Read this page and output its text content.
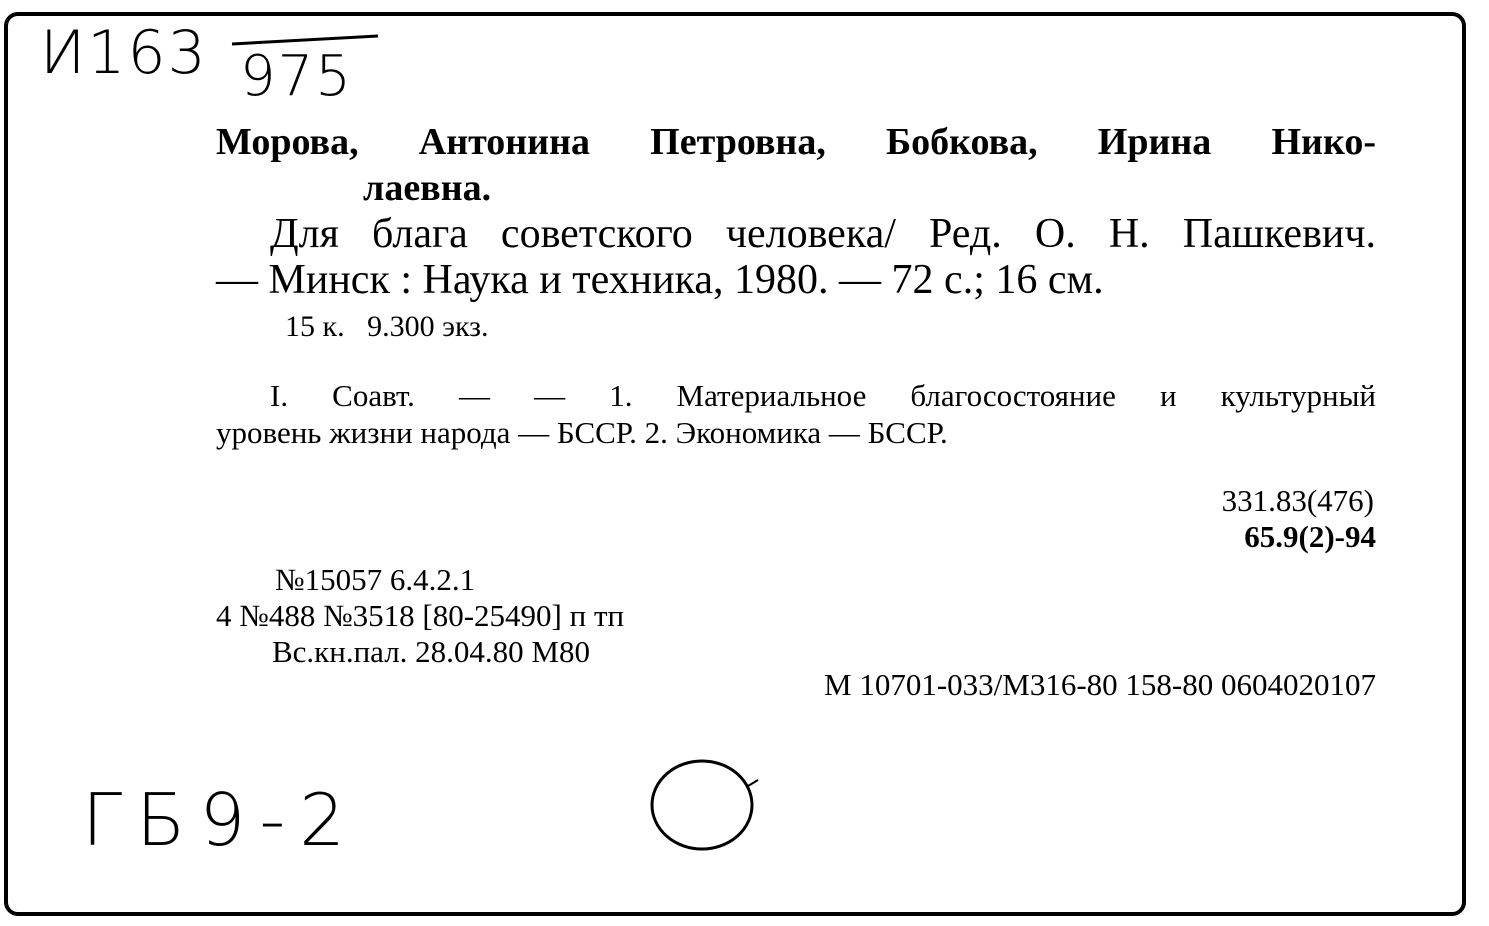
И163 975
Морова, Антонина Петровна, Бобкова, Ирина Нико-
лаевна.
Для блага советского человека/ Ред. О. Н. Пашкевич.
— Минск : Наука и техника, 1980. — 72 с.; 16 см.
15 к.   9.300 экз.
I. Соавт. — — 1. Материальное благосостояние и культурный
уровень жизни народа — БССР. 2. Экономика — БССР.
331.83(476)
65.9(2)-94
№15057 6.4.2.1
4 №488 №3518 [80-25490] п тп
Вс.кн.пал. 28.04.80 М80
М 10701-033/М316-80 158-80 0604020107
ГБ9-2
